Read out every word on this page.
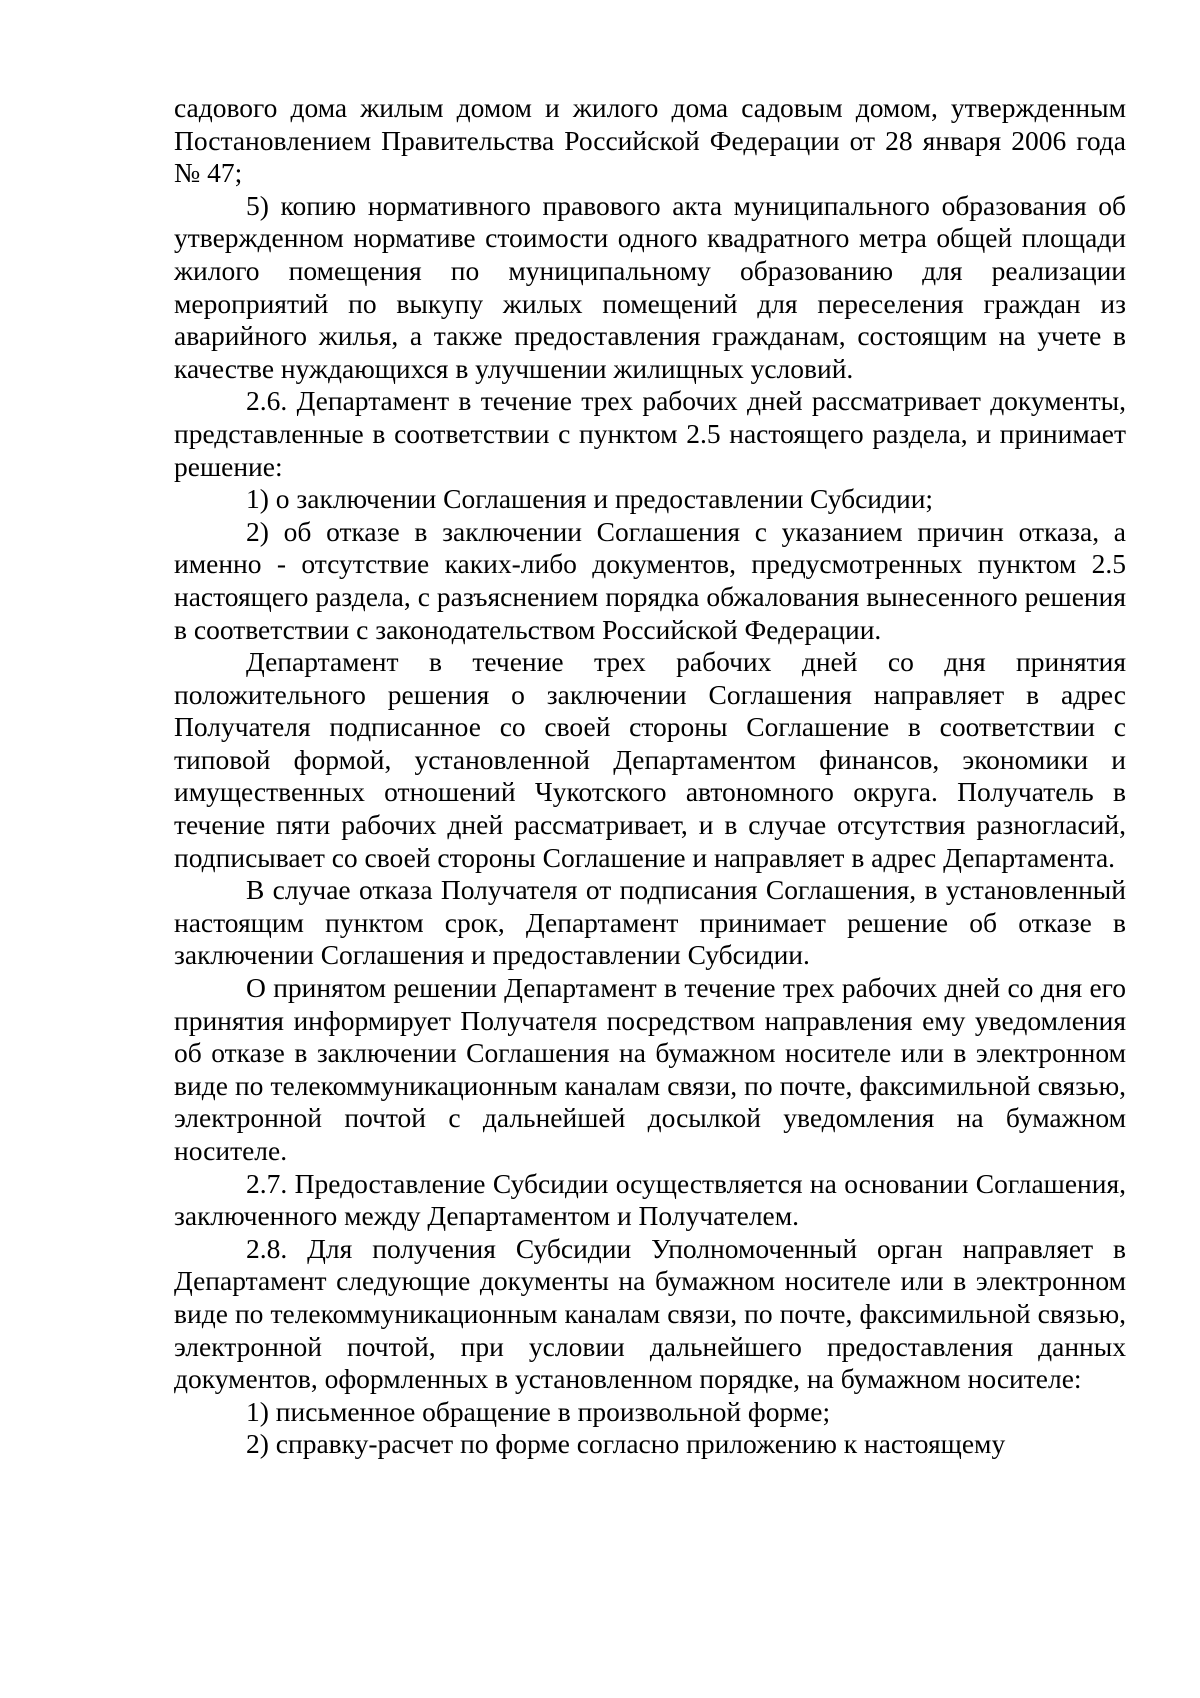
садового дома жилым домом и жилого дома садовым домом, утвержденным Постановлением Правительства Российской Федерации от 28 января 2006 года № 47;

5) копию нормативного правового акта муниципального образования об утвержденном нормативе стоимости одного квадратного метра общей площади жилого помещения по муниципальному образованию для реализации мероприятий по выкупу жилых помещений для переселения граждан из аварийного жилья, а также предоставления гражданам, состоящим на учете в качестве нуждающихся в улучшении жилищных условий.

2.6. Департамент в течение трех рабочих дней рассматривает документы, представленные в соответствии с пунктом 2.5 настоящего раздела, и принимает решение:

1) о заключении Соглашения и предоставлении Субсидии;

2) об отказе в заключении Соглашения с указанием причин отказа, а именно - отсутствие каких-либо документов, предусмотренных пунктом 2.5 настоящего раздела, с разъяснением порядка обжалования вынесенного решения в соответствии с законодательством Российской Федерации.

Департамент в течение трех рабочих дней со дня принятия положительного решения о заключении Соглашения направляет в адрес Получателя подписанное со своей стороны Соглашение в соответствии с типовой формой, установленной Департаментом финансов, экономики и имущественных отношений Чукотского автономного округа. Получатель в течение пяти рабочих дней рассматривает, и в случае отсутствия разногласий, подписывает со своей стороны Соглашение и направляет в адрес Департамента.

В случае отказа Получателя от подписания Соглашения, в установленный настоящим пунктом срок, Департамент принимает решение об отказе в заключении Соглашения и предоставлении Субсидии.

О принятом решении Департамент в течение трех рабочих дней со дня его принятия информирует Получателя посредством направления ему уведомления об отказе в заключении Соглашения на бумажном носителе или в электронном виде по телекоммуникационным каналам связи, по почте, факсимильной связью, электронной почтой с дальнейшей досылкой уведомления на бумажном носителе.

2.7. Предоставление Субсидии осуществляется на основании Соглашения, заключенного между Департаментом и Получателем.

2.8. Для получения Субсидии Уполномоченный орган направляет в Департамент следующие документы на бумажном носителе или в электронном виде по телекоммуникационным каналам связи, по почте, факсимильной связью, электронной почтой, при условии дальнейшего предоставления данных документов, оформленных в установленном порядке, на бумажном носителе:

1) письменное обращение в произвольной форме;

2) справку-расчет по форме согласно приложению к настоящему
